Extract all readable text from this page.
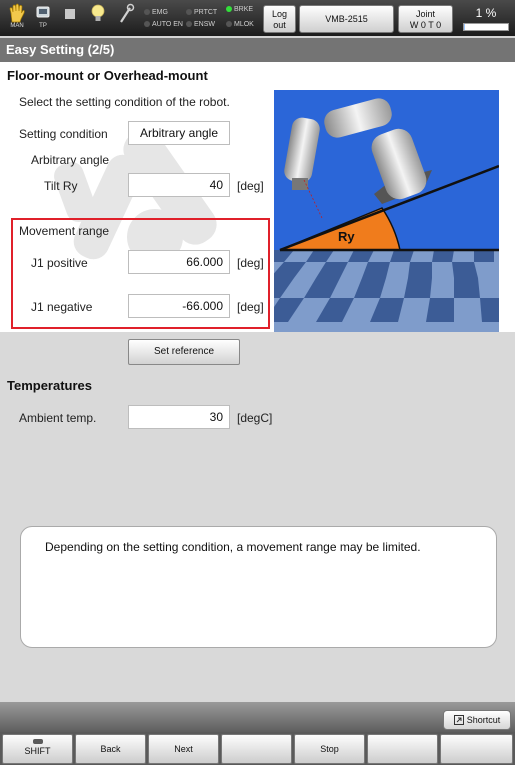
MAN	TP
EMG
AUTO EN
PRTCT
ENSW
BRKE
MLOK
Log
out
VMB-2515	Joint
W 0 T 0
1 %
Easy Setting (2/5)
Floor-mount or Overhead-mount
Select the setting condition of the robot.
Setting condition	Arbitrary angle
Arbitrary angle
Tilt Ry	40	[deg]
Movement range
J1 positive	66.000	[deg]
J1 negative	-66.000	[deg]
Ry
Set reference
Temperatures
Ambient temp.	30	[degC]
Depending on the setting condition, a movement range may be limited.
Shortcut
SHIFT	Back	Next	Stop
